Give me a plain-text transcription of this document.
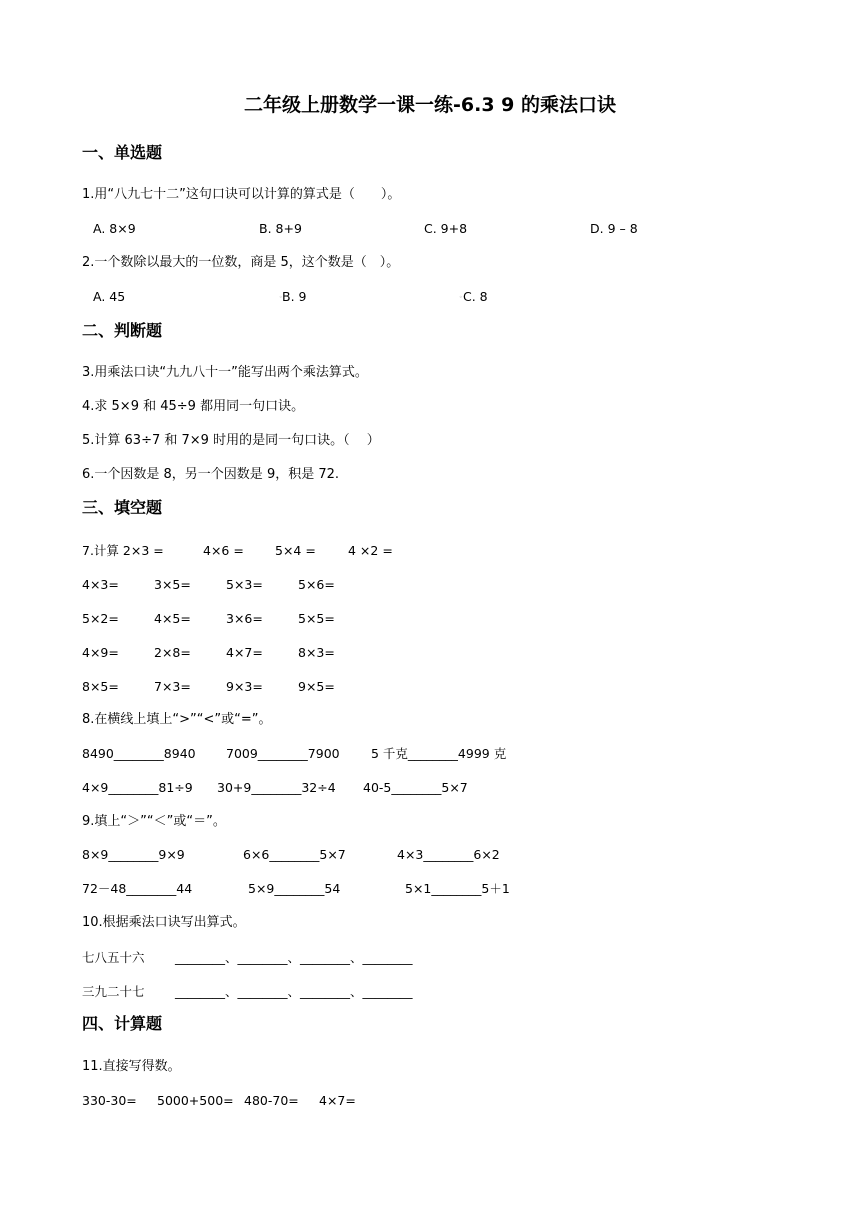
二年级上册数学一课一练-6.3 9 的乘法口诀
一、单选题
1.用“八九七十二”这句口诀可以计算的算式是（　　）。
A. 8×9	B. 8+9	C. 9+8	D. 9 – 8
2.一个数除以最大的一位数，商是 5，这个数是（　）。
A. 45	◦ B. 9	◦ C. 8
二、判断题
3.用乘法口诀“九九八十一”能写出两个乘法算式。
4.求 5×9 和 45÷9 都用同一句口诀。
5.计算 63÷7 和 7×9 时用的是同一句口诀。（　 ）
6.一个因数是 8，另一个因数是 9，积是 72.
三、填空题
7.计算 2×3 =	4×6 = 5×4 =	4 ×2 =
4×3=	3×5=	5×3=	5×6=
5×2=	4×5=	3×6=	5×5=
4×9=	2×8=	4×7=	8×3=
8×5=	7×3=	9×3=	9×5=
8.在横线上填上“>”“<”或“=”。
8490________8940 7009________7900	5 千克________4999 克
4×9________81÷9 30+9________32÷4 40-5________5×7
9.填上“＞”“＜”或“＝”。
8×9________9×9	6×6________5×7	4×3________6×2
72－48________44	5×9________54	5×1________5＋1
10.根据乘法口诀写出算式。
七八五十六 ________、________、________、________
三九二十七 ________、________、________、________
四、计算题
11.直接写得数。
330-30= 5000+500= 480-70= 4×7=
